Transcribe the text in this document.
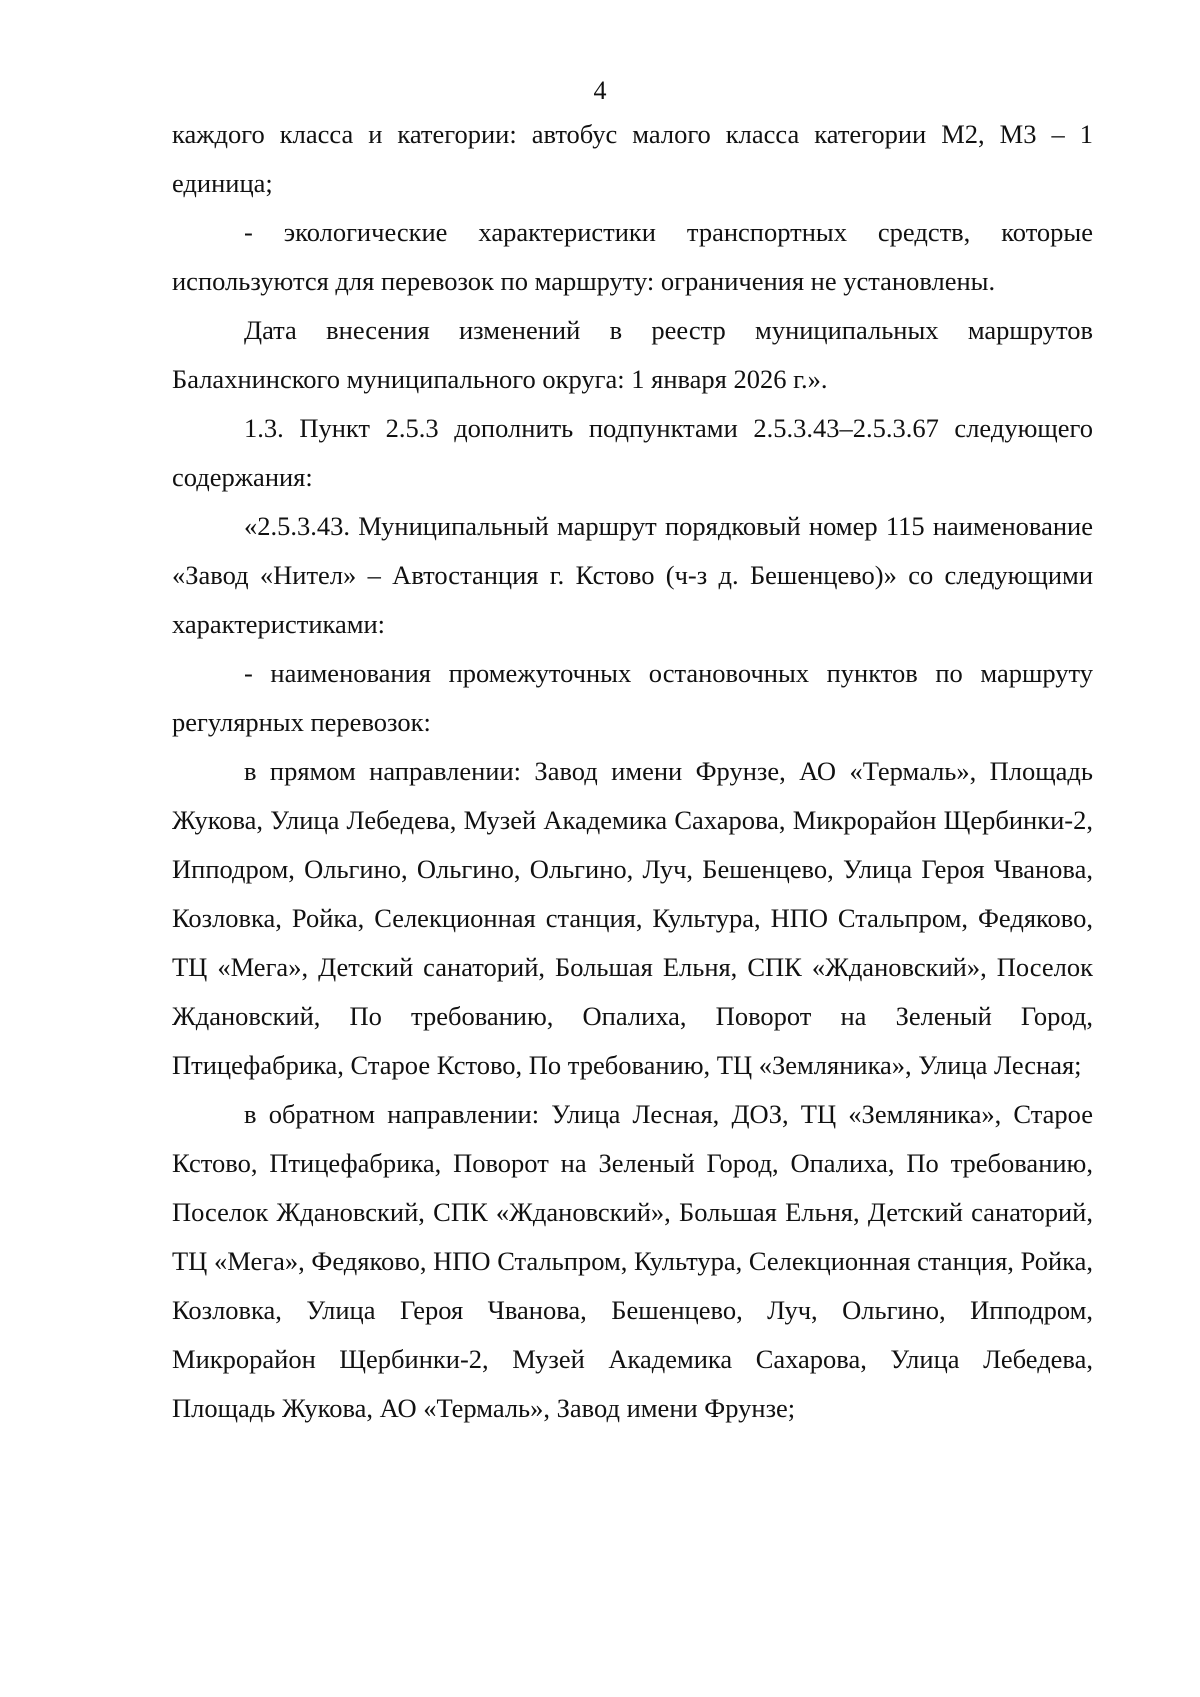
4

каждого класса и категории: автобус малого класса категории М2, М3 – 1 единица;

- экологические характеристики транспортных средств, которые используются для перевозок по маршруту: ограничения не установлены.

Дата внесения изменений в реестр муниципальных маршрутов Балахнинского муниципального округа: 1 января 2026 г.».

1.3. Пункт 2.5.3 дополнить подпунктами 2.5.3.43–2.5.3.67 следующего содержания:

«2.5.3.43. Муниципальный маршрут порядковый номер 115 наименование «Завод «Нител» – Автостанция г. Кстово (ч-з д. Бешенцево)» со следующими характеристиками:

- наименования промежуточных остановочных пунктов по маршруту регулярных перевозок:

в прямом направлении: Завод имени Фрунзе, АО «Термаль», Площадь Жукова, Улица Лебедева, Музей Академика Сахарова, Микрорайон Щербинки-2, Ипподром, Ольгино, Ольгино, Ольгино, Луч, Бешенцево, Улица Героя Чванова, Козловка, Ройка, Селекционная станция, Культура, НПО Стальпром, Федяково, ТЦ «Мега», Детский санаторий, Большая Ельня, СПК «Ждановский», Поселок Ждановский, По требованию, Опалиха, Поворот на Зеленый Город, Птицефабрика, Старое Кстово, По требованию, ТЦ «Земляника», Улица Лесная;

в обратном направлении: Улица Лесная, ДОЗ, ТЦ «Земляника», Старое Кстово, Птицефабрика, Поворот на Зеленый Город, Опалиха, По требованию, Поселок Ждановский, СПК «Ждановский», Большая Ельня, Детский санаторий, ТЦ «Мега», Федяково, НПО Стальпром, Культура, Селекционная станция, Ройка, Козловка, Улица Героя Чванова, Бешенцево, Луч, Ольгино, Ипподром, Микрорайон Щербинки-2, Музей Академика Сахарова, Улица Лебедева, Площадь Жукова, АО «Термаль», Завод имени Фрунзе;
